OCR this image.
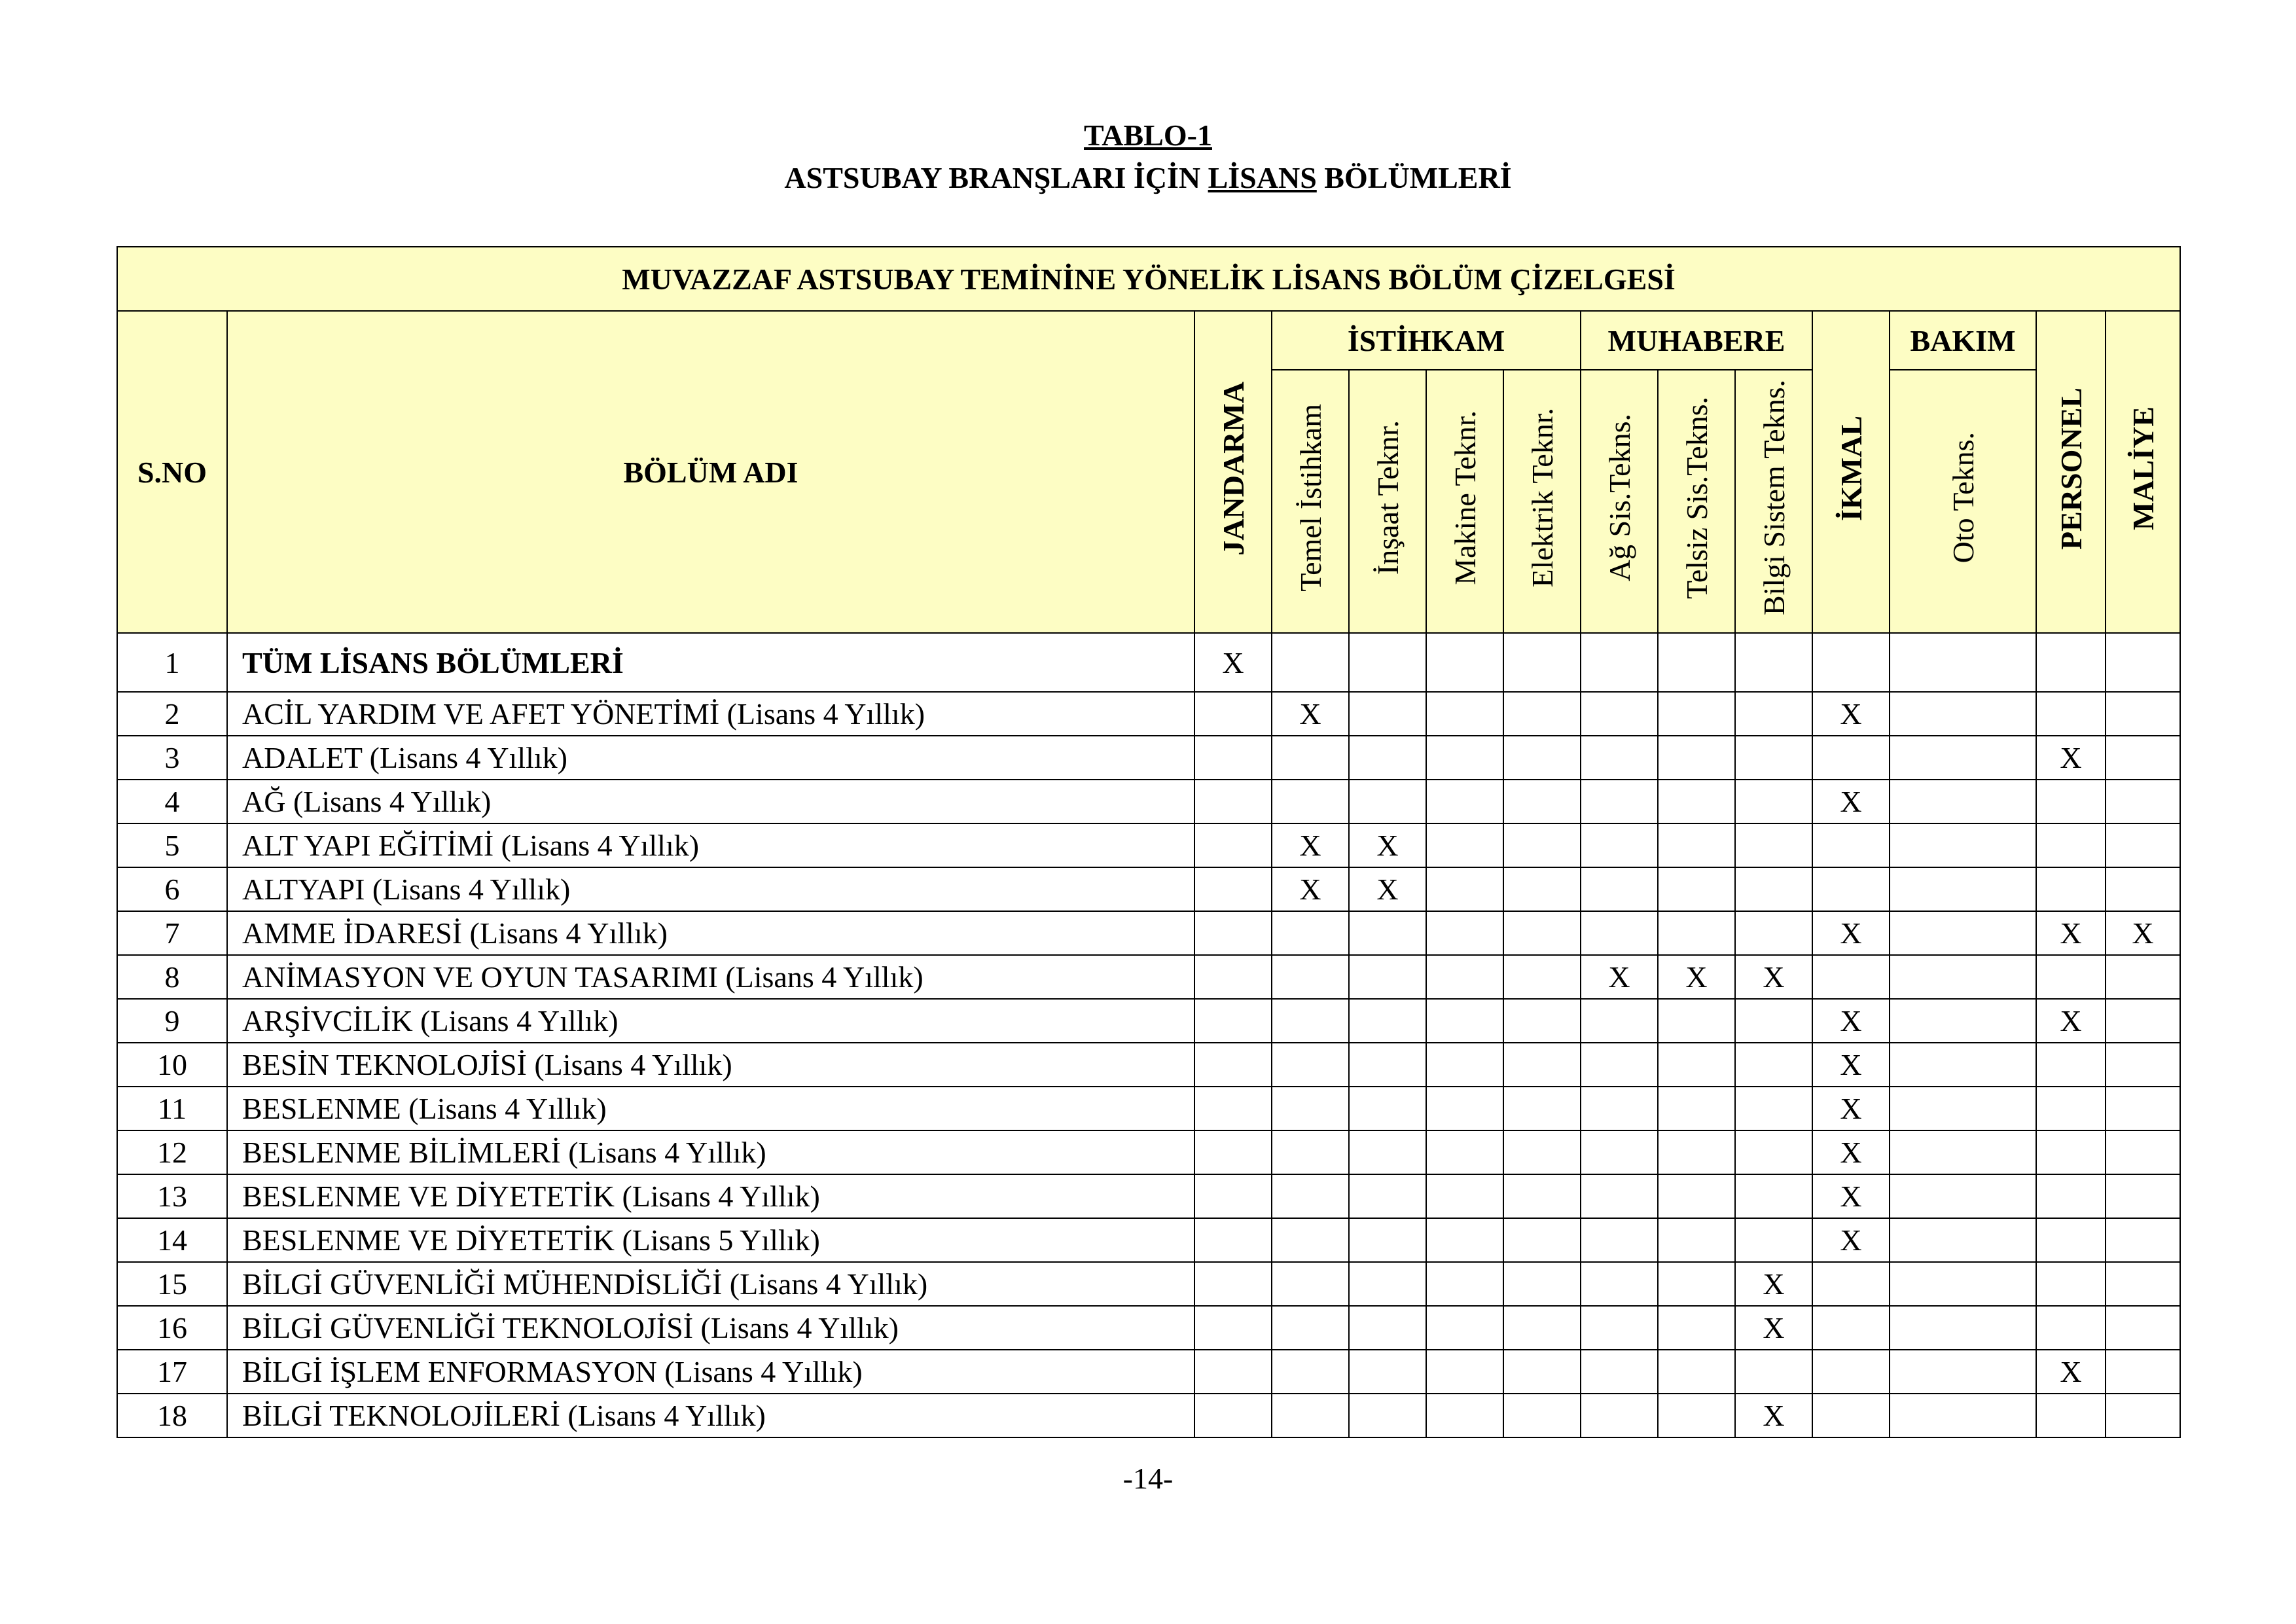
TABLO-1
ASTSUBAY BRANŞLARI İÇİN LİSANS BÖLÜMLERİ
MUVAZZAF ASTSUBAY TEMİNİNE YÖNELİK LİSANS BÖLÜM ÇİZELGESİ													
S.NO	BÖLÜM ADI	JANDARMA	İSTİHKAM				MUHABERE			İKMAL	BAKIM	PERSONEL	MALİYE
			Temel İstihkam	İnşaat Teknr.	Makine Teknr.	Elektrik Teknr.	Ağ Sis.Tekns.	Telsiz Sis.Tekns.	Bilgi Sistem Tekns.		Oto Tekns.		
1	TÜM LİSANS BÖLÜMLERİ	X											
2	ACİL YARDIM VE AFET YÖNETİMİ (Lisans 4 Yıllık)		X							X			
3	ADALET (Lisans 4 Yıllık)											X	
4	AĞ (Lisans 4 Yıllık)									X			
5	ALT YAPI EĞİTİMİ (Lisans 4 Yıllık)		X	X									
6	ALTYAPI (Lisans 4 Yıllık)		X	X									
7	AMME İDARESİ (Lisans 4 Yıllık)									X		X	X
8	ANİMASYON VE OYUN TASARIMI (Lisans 4 Yıllık)						X	X	X				
9	ARŞİVCİLİK (Lisans 4 Yıllık)									X		X	
10	BESİN TEKNOLOJİSİ (Lisans 4 Yıllık)									X			
11	BESLENME (Lisans 4 Yıllık)									X			
12	BESLENME BİLİMLERİ (Lisans 4 Yıllık)									X			
13	BESLENME VE DİYETETİK (Lisans 4 Yıllık)									X			
14	BESLENME VE DİYETETİK (Lisans 5 Yıllık)									X			
15	BİLGİ GÜVENLİĞİ MÜHENDİSLİĞİ (Lisans 4 Yıllık)								X				
16	BİLGİ GÜVENLİĞİ TEKNOLOJİSİ (Lisans 4 Yıllık)								X				
17	BİLGİ İŞLEM ENFORMASYON (Lisans 4 Yıllık)											X	
18	BİLGİ TEKNOLOJİLERİ (Lisans 4 Yıllık)								X				
-14-
